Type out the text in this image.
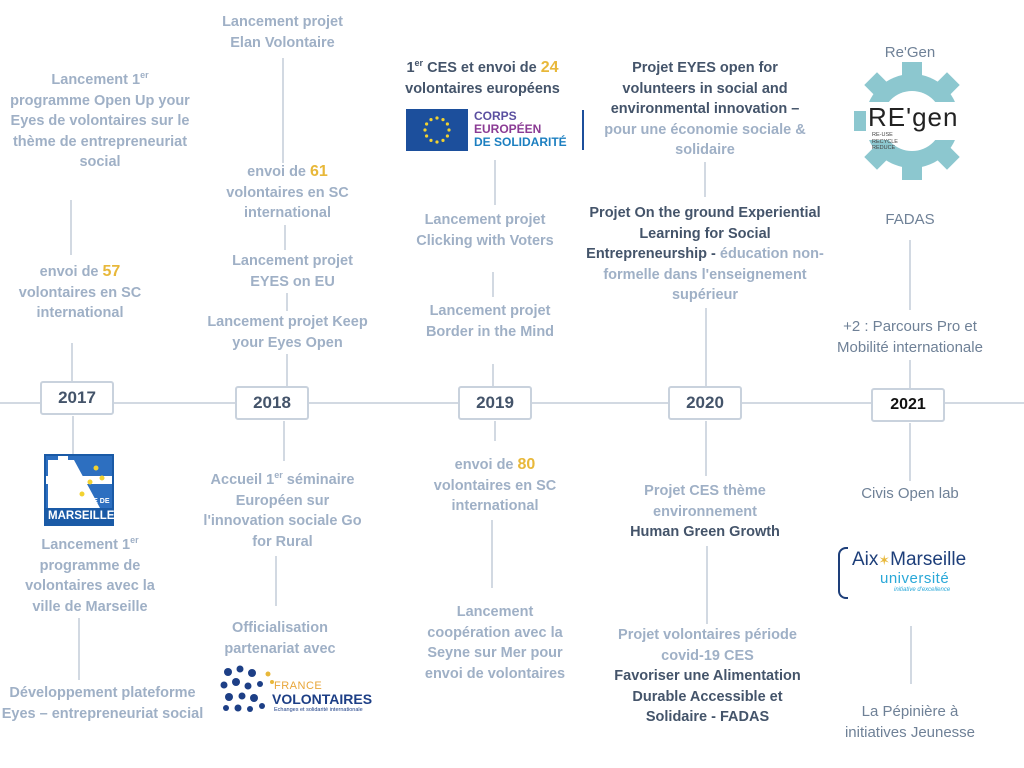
Lancement 1er
programme Open Up your Eyes de volontaires sur le thème de entrepreneuriat social
envoi de 57
volontaires en SC international
2017
VILLE DE
MARSEILLE
Lancement 1er
programme de volontaires avec la ville de Marseille
Développement plateforme Eyes – entrepreneuriat social
Lancement projet Elan Volontaire
envoi de 61
volontaires en SC international
Lancement projet EYES on EU
Lancement projet Keep your Eyes Open
2018
Accueil 1er séminaire Européen sur l'innovation sociale Go for Rural
Officialisation partenariat avec
FRANCE
VOLONTAIRES
Echanges et solidarité internationale
1er CES et envoi de 24
volontaires européens
CORPS
EUROPÉEN
DE SOLIDARITÉ
Lancement projet Clicking with Voters
Lancement projet Border in the Mind
2019
envoi de 80
volontaires en SC international
Lancement coopération avec la Seyne sur Mer pour envoi de volontaires
Projet EYES open for volunteers in social and environmental innovation – pour une économie sociale & solidaire
Projet On the ground Experiential Learning for Social Entrepreneurship - éducation non-formelle dans l'enseignement supérieur
2020
Projet CES thème environnement
Human Green Growth
Projet volontaires période covid-19 CES
Favoriser une Alimentation Durable Accessible et Solidaire - FADAS
Re'Gen
RE'gen
RE-USE
RECYCLE
REDUCE
FADAS
+2 : Parcours Pro et Mobilité internationale
2021
Civis Open lab
Aix✶Marseille
université
initiative d'excellence
La Pépinière à initiatives Jeunesse
